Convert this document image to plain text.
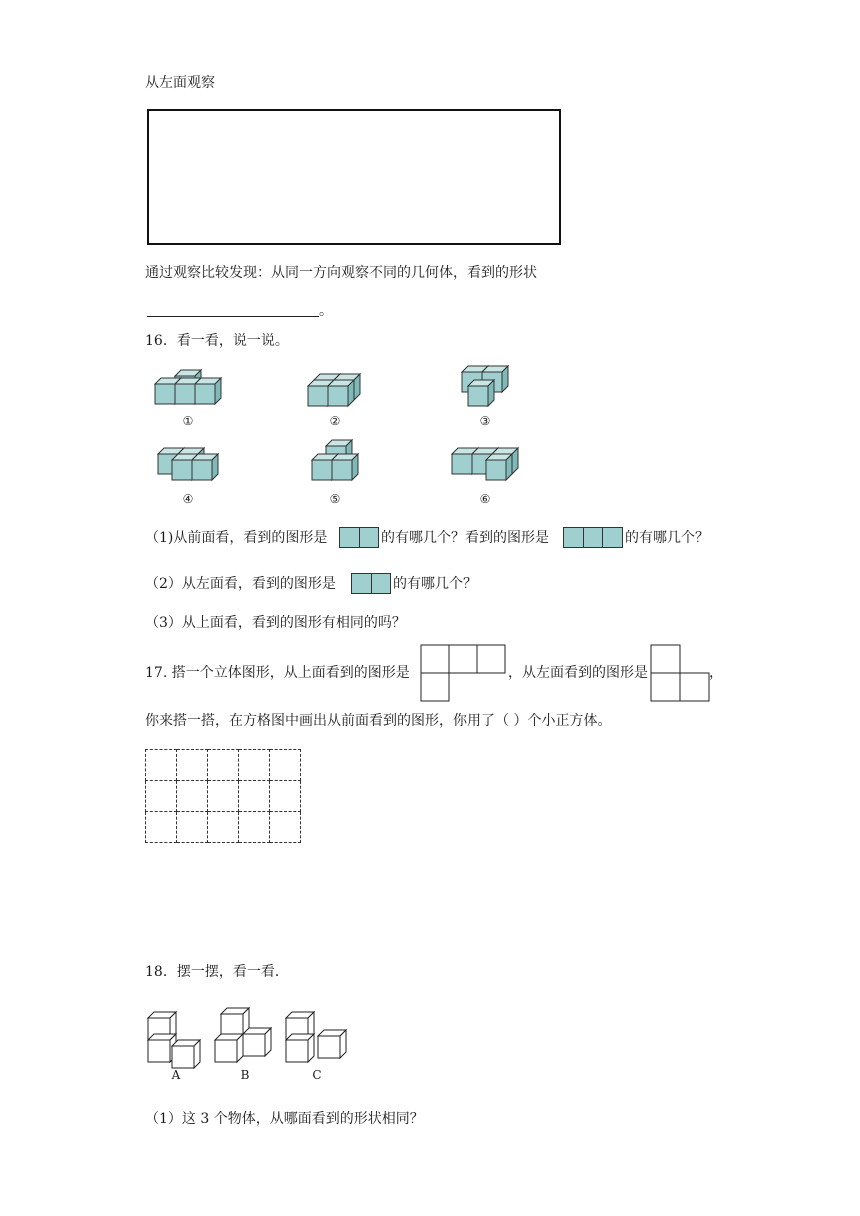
从左面观察
通过观察比较发现：从同一方向观察不同的几何体，看到的形状
。
16．看一看，说一说。
①	②	③
④	⑤	⑥
（1)从前面看，看到的图形是	的有哪几个？看到的图形是	的有哪几个？
（2）从左面看，看到的图形是	的有哪几个？
（3）从上面看，看到的图形有相同的吗？
17. 搭一个立体图形，从上面看到的图形是	，从左面看到的图形是	，
你来搭一搭，在方格图中画出从前面看到的图形，你用了（ ）个小正方体。

18．摆一摆，看一看．
A	B	C
（1）这 3 个物体，从哪面看到的形状相同？
